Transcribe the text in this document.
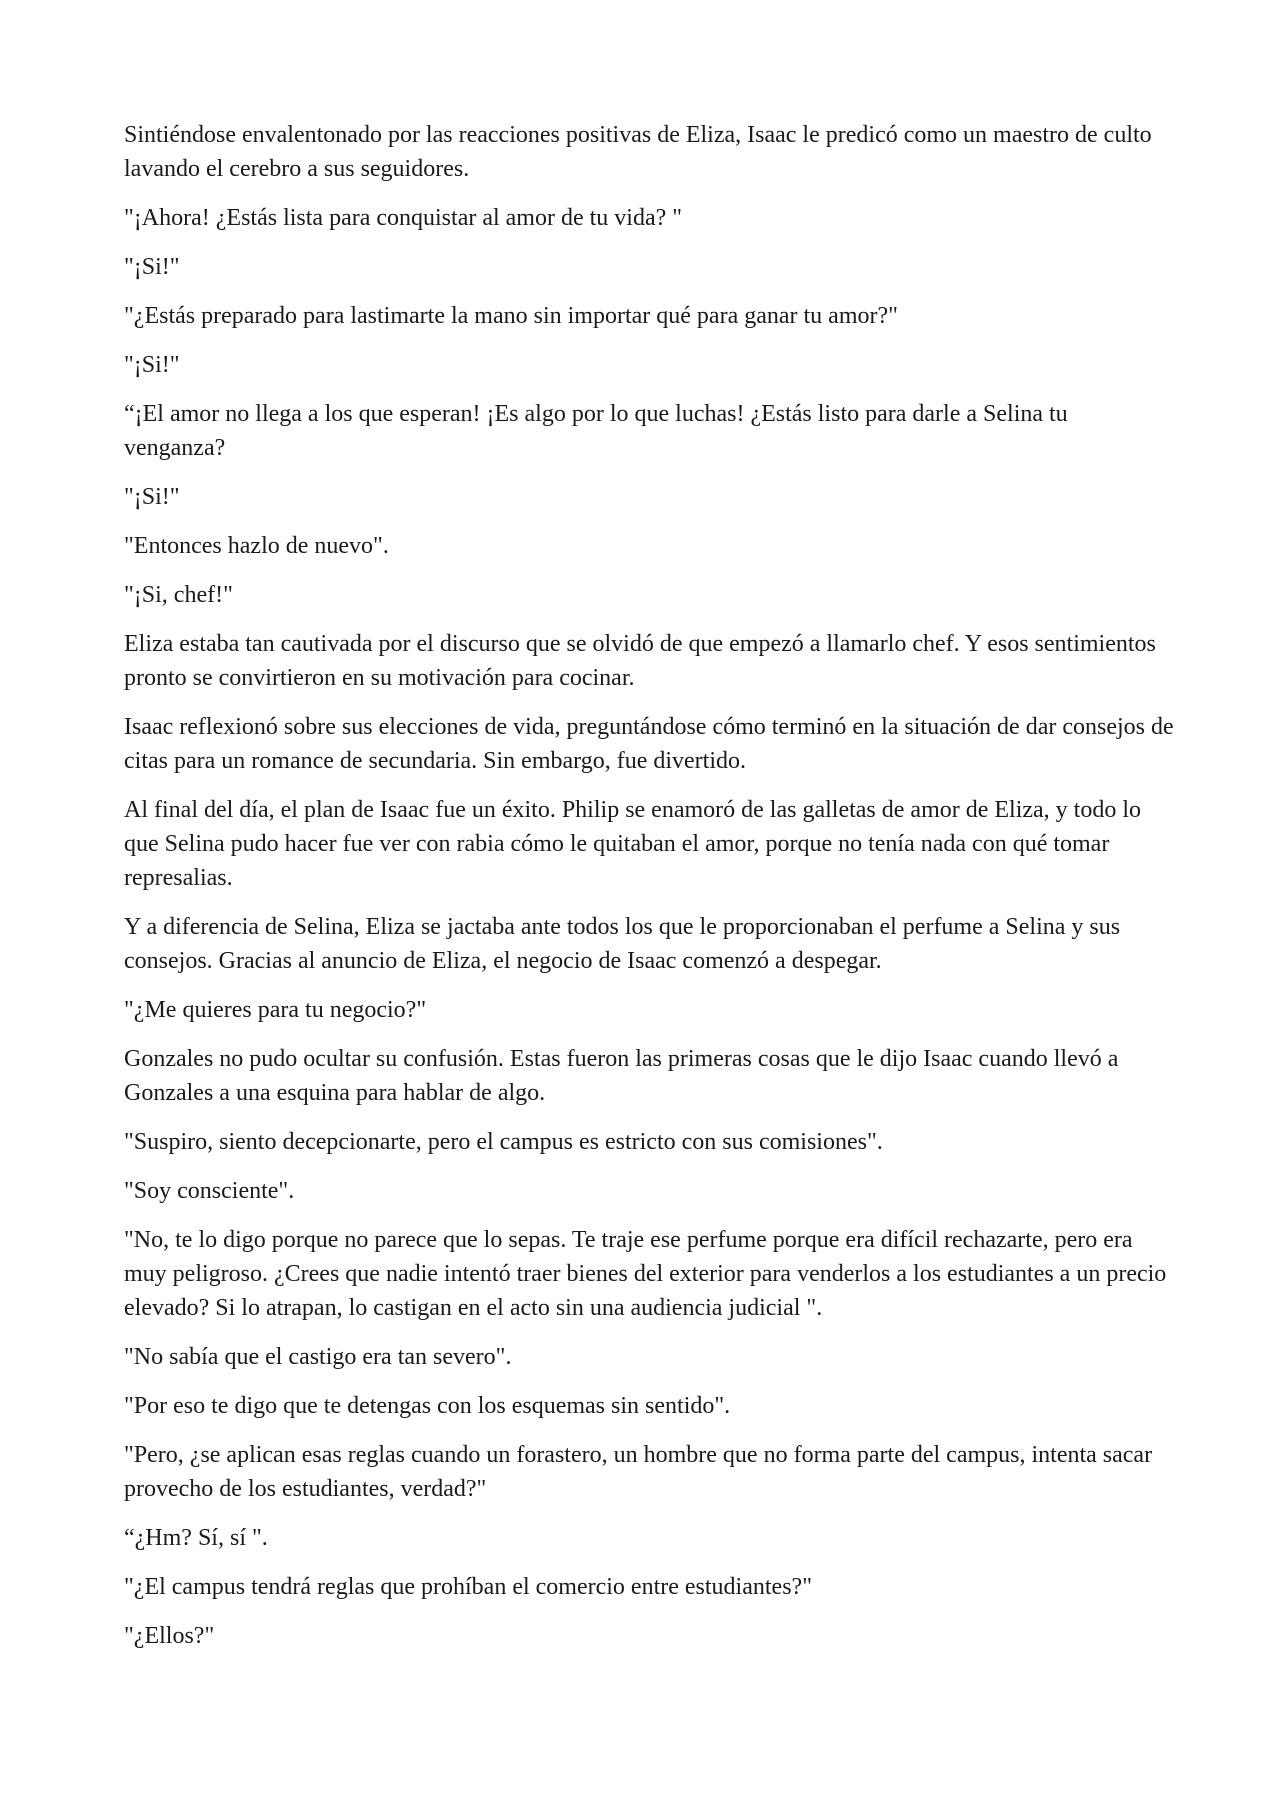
Sintiéndose envalentonado por las reacciones positivas de Eliza, Isaac le predicó como un maestro de culto lavando el cerebro a sus seguidores.

"¡Ahora! ¿Estás lista para conquistar al amor de tu vida? "

"¡Si!"

"¿Estás preparado para lastimarte la mano sin importar qué para ganar tu amor?"

"¡Si!"

“¡El amor no llega a los que esperan! ¡Es algo por lo que luchas! ¿Estás listo para darle a Selina tu venganza?

"¡Si!"

"Entonces hazlo de nuevo".

"¡Si, chef!"

Eliza estaba tan cautivada por el discurso que se olvidó de que empezó a llamarlo chef. Y esos sentimientos pronto se convirtieron en su motivación para cocinar.

Isaac reflexionó sobre sus elecciones de vida, preguntándose cómo terminó en la situación de dar consejos de citas para un romance de secundaria. Sin embargo, fue divertido.

Al final del día, el plan de Isaac fue un éxito. Philip se enamoró de las galletas de amor de Eliza, y todo lo que Selina pudo hacer fue ver con rabia cómo le quitaban el amor, porque no tenía nada con qué tomar represalias.

Y a diferencia de Selina, Eliza se jactaba ante todos los que le proporcionaban el perfume a Selina y sus consejos. Gracias al anuncio de Eliza, el negocio de Isaac comenzó a despegar.

"¿Me quieres para tu negocio?"

Gonzales no pudo ocultar su confusión. Estas fueron las primeras cosas que le dijo Isaac cuando llevó a Gonzales a una esquina para hablar de algo.

"Suspiro, siento decepcionarte, pero el campus es estricto con sus comisiones".

"Soy consciente".

"No, te lo digo porque no parece que lo sepas. Te traje ese perfume porque era difícil rechazarte, pero era muy peligroso. ¿Crees que nadie intentó traer bienes del exterior para venderlos a los estudiantes a un precio elevado? Si lo atrapan, lo castigan en el acto sin una audiencia judicial ".

"No sabía que el castigo era tan severo".

"Por eso te digo que te detengas con los esquemas sin sentido".

"Pero, ¿se aplican esas reglas cuando un forastero, un hombre que no forma parte del campus, intenta sacar provecho de los estudiantes, verdad?"

“¿Hm? Sí, sí ".

"¿El campus tendrá reglas que prohíban el comercio entre estudiantes?"

"¿Ellos?"
